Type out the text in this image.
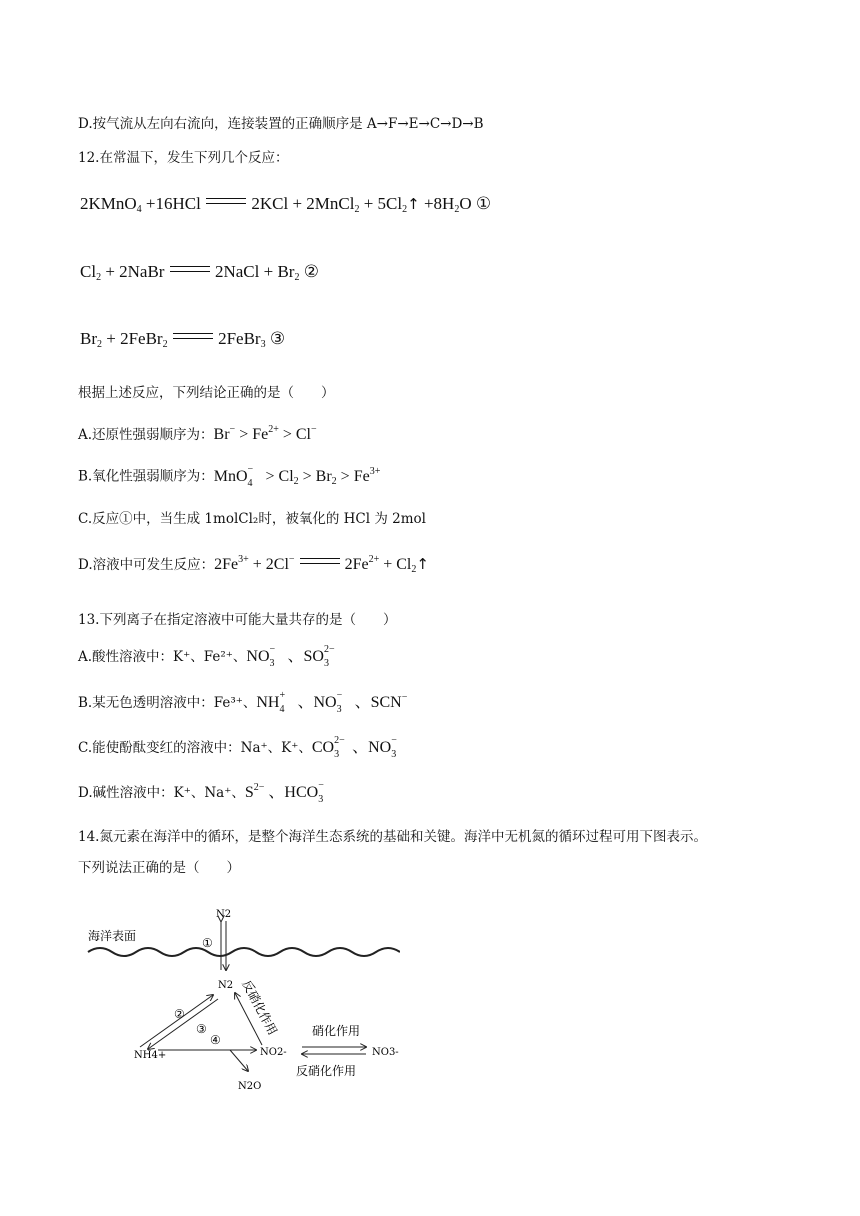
D.按气流从左向右流向，连接装置的正确顺序是 A→F→E→C→D→B
12.在常温下，发生下列几个反应：
2KMnO$_4$ +16HCl  2KCl + 2MnCl$_2$ + $5Cl_2↑ +8H_2O$ ①
$Cl_2$ + 2NaBr  2NaCl + $Br_2$ ②
$Br_2$ + 2FeBr$_2$	2FeBr$_3$ ③
根据上述反应，下列结论正确的是（　　）
A.还原性强弱顺序为：$Br^- > Fe^{2+} > Cl^-$
B.氧化性强弱顺序为：MnO −
$4 > Cl_2 > Br_2 > Fe^{3+}$
C.反应①中，当生成 1molCl₂时，被氧化的 HCl 为 2mol
D.溶液中可发生反应：$2Fe^{3+} + 2Cl^-$	$2Fe^{2+}$ + $Cl_2↑$
13.下列离子在指定溶液中可能大量共存的是（　　）
A.酸性溶液中：K⁺、Fe²⁺、NO −
3 、SO 2−
3
B.某无色透明溶液中：Fe³⁺、NH +
4 、NO −
3 、SCN−
C.能使酚酞变红的溶液中：Na⁺、K⁺、CO 2−
3 、NO −
3
D.碱性溶液中：K⁺、Na⁺、$S^{2-}$ 、HCO −
3
14.氮元素在海洋中的循环，是整个海洋生态系统的基础和关键。海洋中无机氮的循环过程可用下图表示。
下列说法正确的是（　　）
海洋表面
N2
①
N2
②
③	反硝化作用
NH4+
④
N2O
NO2-
硝化作用
NO3-
反硝化作用
